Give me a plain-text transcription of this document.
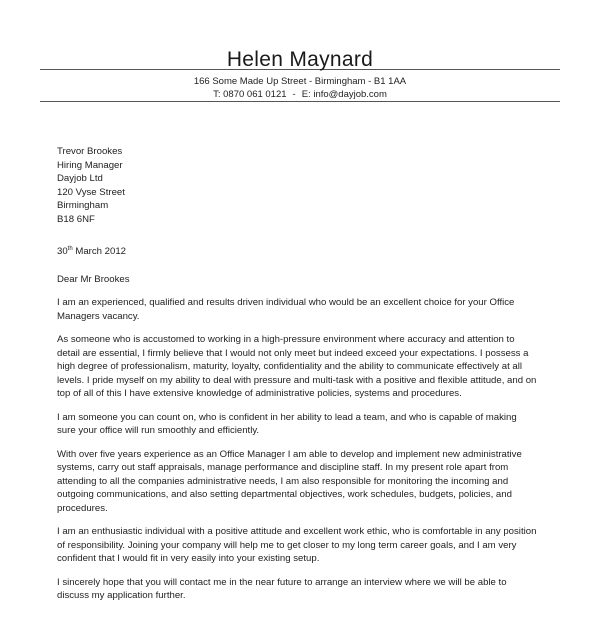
Helen Maynard
166 Some Made Up Street - Birmingham - B1 1AA
T: 0870 061 0121 - E: info@dayjob.com
Trevor Brookes
Hiring Manager
Dayjob Ltd
120 Vyse Street
Birmingham
B18 6NF
30th March 2012
Dear Mr Brookes
I am an experienced, qualified and results driven individual who would be an excellent choice for your Office Managers vacancy.
As someone who is accustomed to working in a high-pressure environment where accuracy and attention to detail are essential, I firmly believe that I would not only meet but indeed exceed your expectations. I possess a high degree of professionalism, maturity, loyalty, confidentiality and the ability to communicate effectively at all levels. I pride myself on my ability to deal with pressure and multi-task with a positive and flexible attitude, and on top of all of this I have extensive knowledge of administrative policies, systems and procedures.
I am someone you can count on, who is confident in her ability to lead a team, and who is capable of making sure your office will run smoothly and efficiently.
With over five years experience as an Office Manager I am able to develop and implement new administrative systems, carry out staff appraisals, manage performance and discipline staff. In my present role apart from attending to all the companies administrative needs, I am also responsible for monitoring the incoming and outgoing communications, and also setting departmental objectives, work schedules, budgets, policies, and procedures.
I am an enthusiastic individual with a positive attitude and excellent work ethic, who is comfortable in any position of responsibility. Joining your company will help me to get closer to my long term career goals, and I am very confident that I would fit in very easily into your existing setup.
I sincerely hope that you will contact me in the near future to arrange an interview where we will be able to discuss my application further.
